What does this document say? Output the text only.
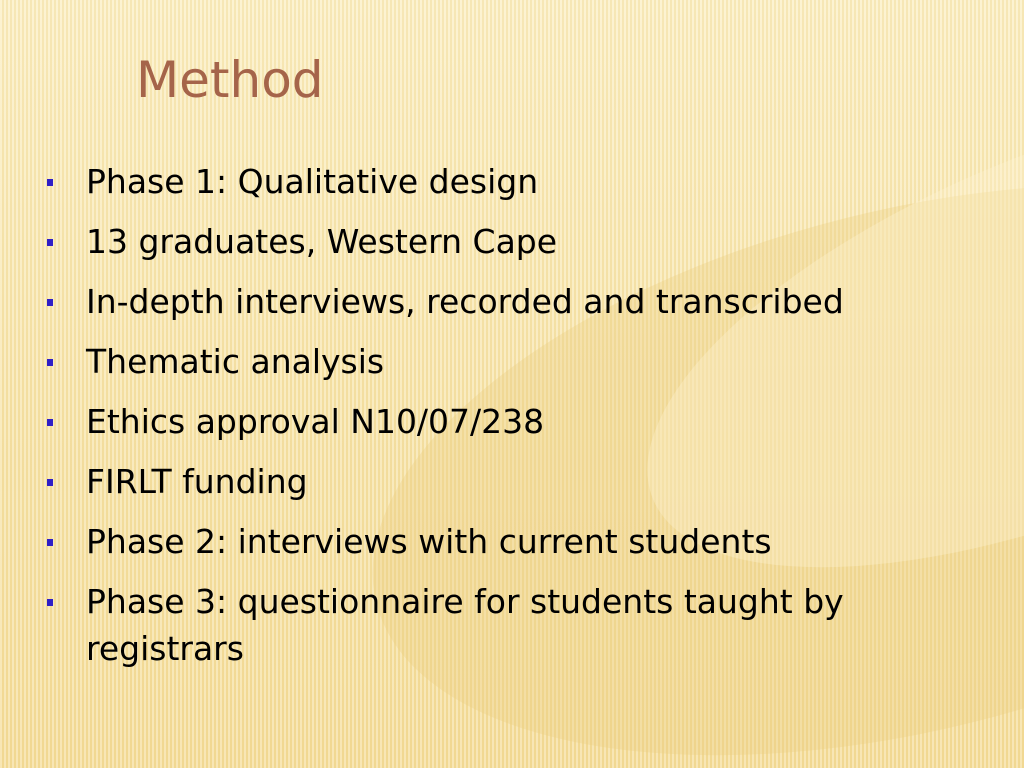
Method
Phase 1: Qualitative design
13 graduates, Western Cape
In-depth interviews, recorded and transcribed
Thematic analysis
Ethics approval N10/07/238
FIRLT funding
Phase 2: interviews with current students
Phase 3: questionnaire for students taught by registrars
